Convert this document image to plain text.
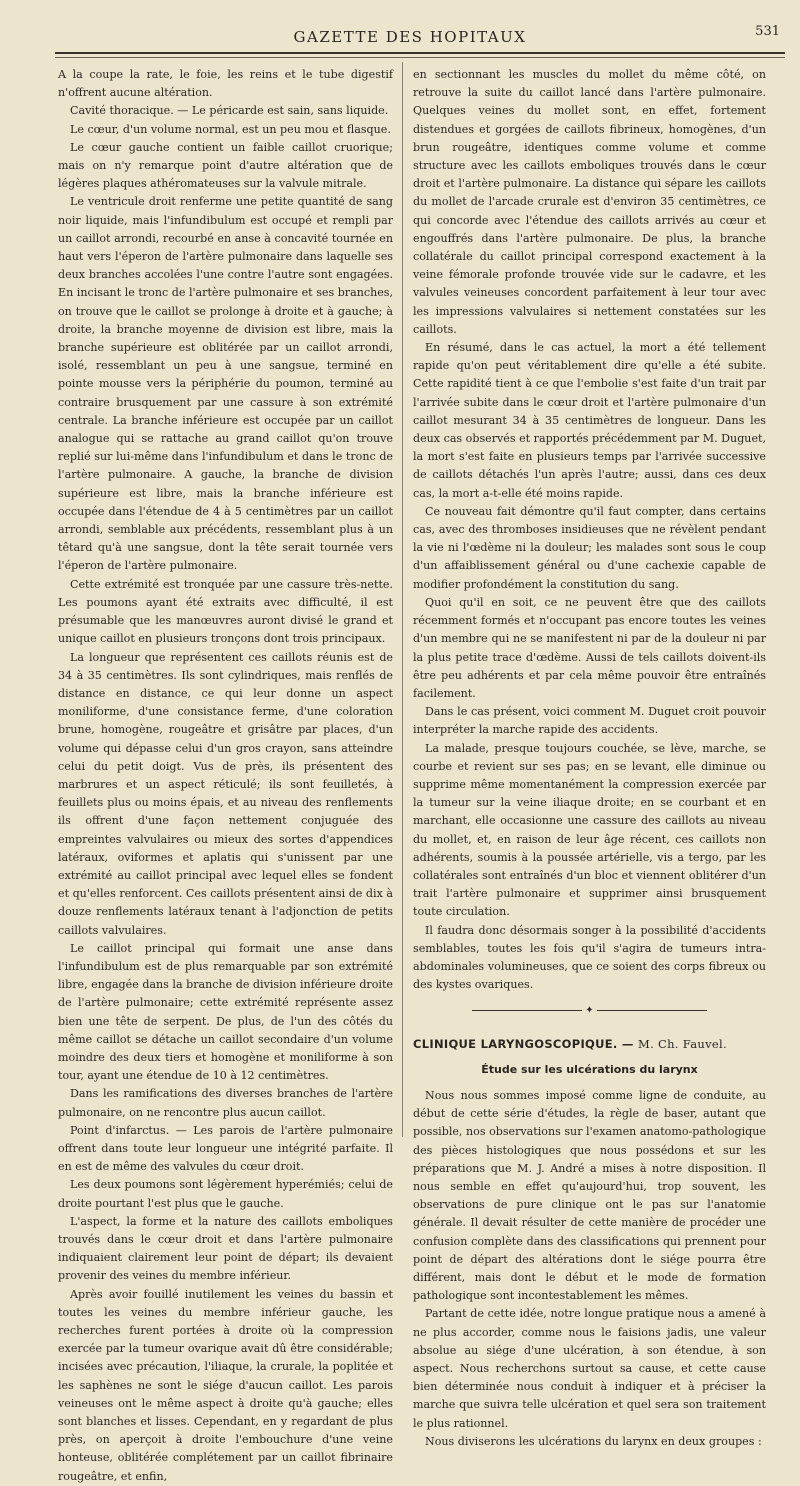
GAZETTE DES HOPITAUX	531

A la coupe la rate, le foie, les reins et le tube digestif n'offrent aucune altération.

Cavité thoracique. — Le péricarde est sain, sans liquide.

Le cœur, d'un volume normal, est un peu mou et flasque.

Le cœur gauche contient un faible caillot cruorique; mais on n'y remarque point d'autre altération que de légères plaques athéromateuses sur la valvule mitrale.

Le ventricule droit renferme une petite quantité de sang noir liquide, mais l'infundibulum est occupé et rempli par un caillot arrondi, recourbé en anse à concavité tournée en haut vers l'éperon de l'artère pulmonaire dans laquelle ses deux branches accolées l'une contre l'autre sont engagées. En incisant le tronc de l'artère pulmonaire et ses branches, on trouve que le caillot se prolonge à droite et à gauche; à droite, la branche moyenne de division est libre, mais la branche supérieure est oblitérée par un caillot arrondi, isolé, ressemblant un peu à une sangsue, terminé en pointe mousse vers la périphérie du poumon, terminé au contraire brusquement par une cassure à son extrémité centrale. La branche inférieure est occupée par un caillot analogue qui se rattache au grand caillot qu'on trouve replié sur lui-même dans l'infundibulum et dans le tronc de l'artère pulmonaire. A gauche, la branche de division supérieure est libre, mais la branche inférieure est occupée dans l'étendue de 4 à 5 centimètres par un caillot arrondi, semblable aux précédents, ressemblant plus à un têtard qu'à une sangsue, dont la tête serait tournée vers l'éperon de l'artère pulmonaire.

Cette extrémité est tronquée par une cassure très-nette. Les poumons ayant été extraits avec difficulté, il est présumable que les manœuvres auront divisé le grand et unique caillot en plusieurs tronçons dont trois principaux.

La longueur que représentent ces caillots réunis est de 34 à 35 centimètres. Ils sont cylindriques, mais renflés de distance en distance, ce qui leur donne un aspect moniliforme, d'une consistance ferme, d'une coloration brune, homogène, rougeâtre et grisâtre par places, d'un volume qui dépasse celui d'un gros crayon, sans atteindre celui du petit doigt. Vus de près, ils présentent des marbrures et un aspect réticulé; ils sont feuilletés, à feuillets plus ou moins épais, et au niveau des renflements ils offrent d'une façon nettement conjuguée des empreintes valvulaires ou mieux des sortes d'appendices latéraux, oviformes et aplatis qui s'unissent par une extrémité au caillot principal avec lequel elles se fondent et qu'elles renforcent. Ces caillots présentent ainsi de dix à douze renflements latéraux tenant à l'adjonction de petits caillots valvulaires.

Le caillot principal qui formait une anse dans l'infundibulum est de plus remarquable par son extrémité libre, engagée dans la branche de division inférieure droite de l'artère pulmonaire; cette extrémité représente assez bien une tête de serpent. De plus, de l'un des côtés du même caillot se détache un caillot secondaire d'un volume moindre des deux tiers et homogène et moniliforme à son tour, ayant une étendue de 10 à 12 centimètres.

Dans les ramifications des diverses branches de l'artère pulmonaire, on ne rencontre plus aucun caillot.

Point d'infarctus. — Les parois de l'artère pulmonaire offrent dans toute leur longueur une intégrité parfaite. Il en est de même des valvules du cœur droit.

Les deux poumons sont légèrement hyperémiés; celui de droite pourtant l'est plus que le gauche.

L'aspect, la forme et la nature des caillots emboliques trouvés dans le cœur droit et dans l'artère pulmonaire indiquaient clairement leur point de départ; ils devaient provenir des veines du membre inférieur.

Après avoir fouillé inutilement les veines du bassin et toutes les veines du membre inférieur gauche, les recherches furent portées à droite où la compression exercée par la tumeur ovarique avait dû être considérable; incisées avec précaution, l'iliaque, la crurale, la poplitée et les saphènes ne sont le siége d'aucun caillot. Les parois veineuses ont le même aspect à droite qu'à gauche; elles sont blanches et lisses. Cependant, en y regardant de plus près, on aperçoit à droite l'embouchure d'une veine honteuse, oblitérée complétement par un caillot fibrinaire rougeâtre, et enfin,

en sectionnant les muscles du mollet du même côté, on retrouve la suite du caillot lancé dans l'artère pulmonaire. Quelques veines du mollet sont, en effet, fortement distendues et gorgées de caillots fibrineux, homogènes, d'un brun rougeâtre, identiques comme volume et comme structure avec les caillots emboliques trouvés dans le cœur droit et l'artère pulmonaire. La distance qui sépare les caillots du mollet de l'arcade crurale est d'environ 35 centimètres, ce qui concorde avec l'étendue des caillots arrivés au cœur et engouffrés dans l'artère pulmonaire. De plus, la branche collatérale du caillot principal correspond exactement à la veine fémorale profonde trouvée vide sur le cadavre, et les valvules veineuses concordent parfaitement à leur tour avec les impressions valvulaires si nettement constatées sur les caillots.

En résumé, dans le cas actuel, la mort a été tellement rapide qu'on peut véritablement dire qu'elle a été subite. Cette rapidité tient à ce que l'embolie s'est faite d'un trait par l'arrivée subite dans le cœur droit et l'artère pulmonaire d'un caillot mesurant 34 à 35 centimètres de longueur. Dans les deux cas observés et rapportés précédemment par M. Duguet, la mort s'est faite en plusieurs temps par l'arrivée successive de caillots détachés l'un après l'autre; aussi, dans ces deux cas, la mort a-t-elle été moins rapide.

Ce nouveau fait démontre qu'il faut compter, dans certains cas, avec des thromboses insidieuses que ne révèlent pendant la vie ni l'œdème ni la douleur; les malades sont sous le coup d'un affaiblissement général ou d'une cachexie capable de modifier profondément la constitution du sang.

Quoi qu'il en soit, ce ne peuvent être que des caillots récemment formés et n'occupant pas encore toutes les veines d'un membre qui ne se manifestent ni par de la douleur ni par la plus petite trace d'œdème. Aussi de tels caillots doivent-ils être peu adhérents et par cela même pouvoir être entraînés facilement.

Dans le cas présent, voici comment M. Duguet croit pouvoir interpréter la marche rapide des accidents.

La malade, presque toujours couchée, se lève, marche, se courbe et revient sur ses pas; en se levant, elle diminue ou supprime même momentanément la compression exercée par la tumeur sur la veine iliaque droite; en se courbant et en marchant, elle occasionne une cassure des caillots au niveau du mollet, et, en raison de leur âge récent, ces caillots non adhérents, soumis à la poussée artérielle, vis a tergo, par les collatérales sont entraînés d'un bloc et viennent oblitérer d'un trait l'artère pulmonaire et supprimer ainsi brusquement toute circulation.

Il faudra donc désormais songer à la possibilité d'accidents semblables, toutes les fois qu'il s'agira de tumeurs intra-abdominales volumineuses, que ce soient des corps fibreux ou des kystes ovariques.

✦

CLINIQUE LARYNGOSCOPIQUE. — M. Ch. Fauvel.

Étude sur les ulcérations du larynx

Nous nous sommes imposé comme ligne de conduite, au début de cette série d'études, la règle de baser, autant que possible, nos observations sur l'examen anatomo-pathologique des pièces histologiques que nous possédons et sur les préparations que M. J. André a mises à notre disposition. Il nous semble en effet qu'aujourd'hui, trop souvent, les observations de pure clinique ont le pas sur l'anatomie générale. Il devait résulter de cette manière de procéder une confusion complète dans des classifications qui prennent pour point de départ des altérations dont le siége pourra être différent, mais dont le début et le mode de formation pathologique sont incontestablement les mêmes.

Partant de cette idée, notre longue pratique nous a amené à ne plus accorder, comme nous le faisions jadis, une valeur absolue au siége d'une ulcération, à son étendue, à son aspect. Nous recherchons surtout sa cause, et cette cause bien déterminée nous conduit à indiquer et à préciser la marche que suivra telle ulcération et quel sera son traitement le plus rationnel.

Nous diviserons les ulcérations du larynx en deux groupes :
